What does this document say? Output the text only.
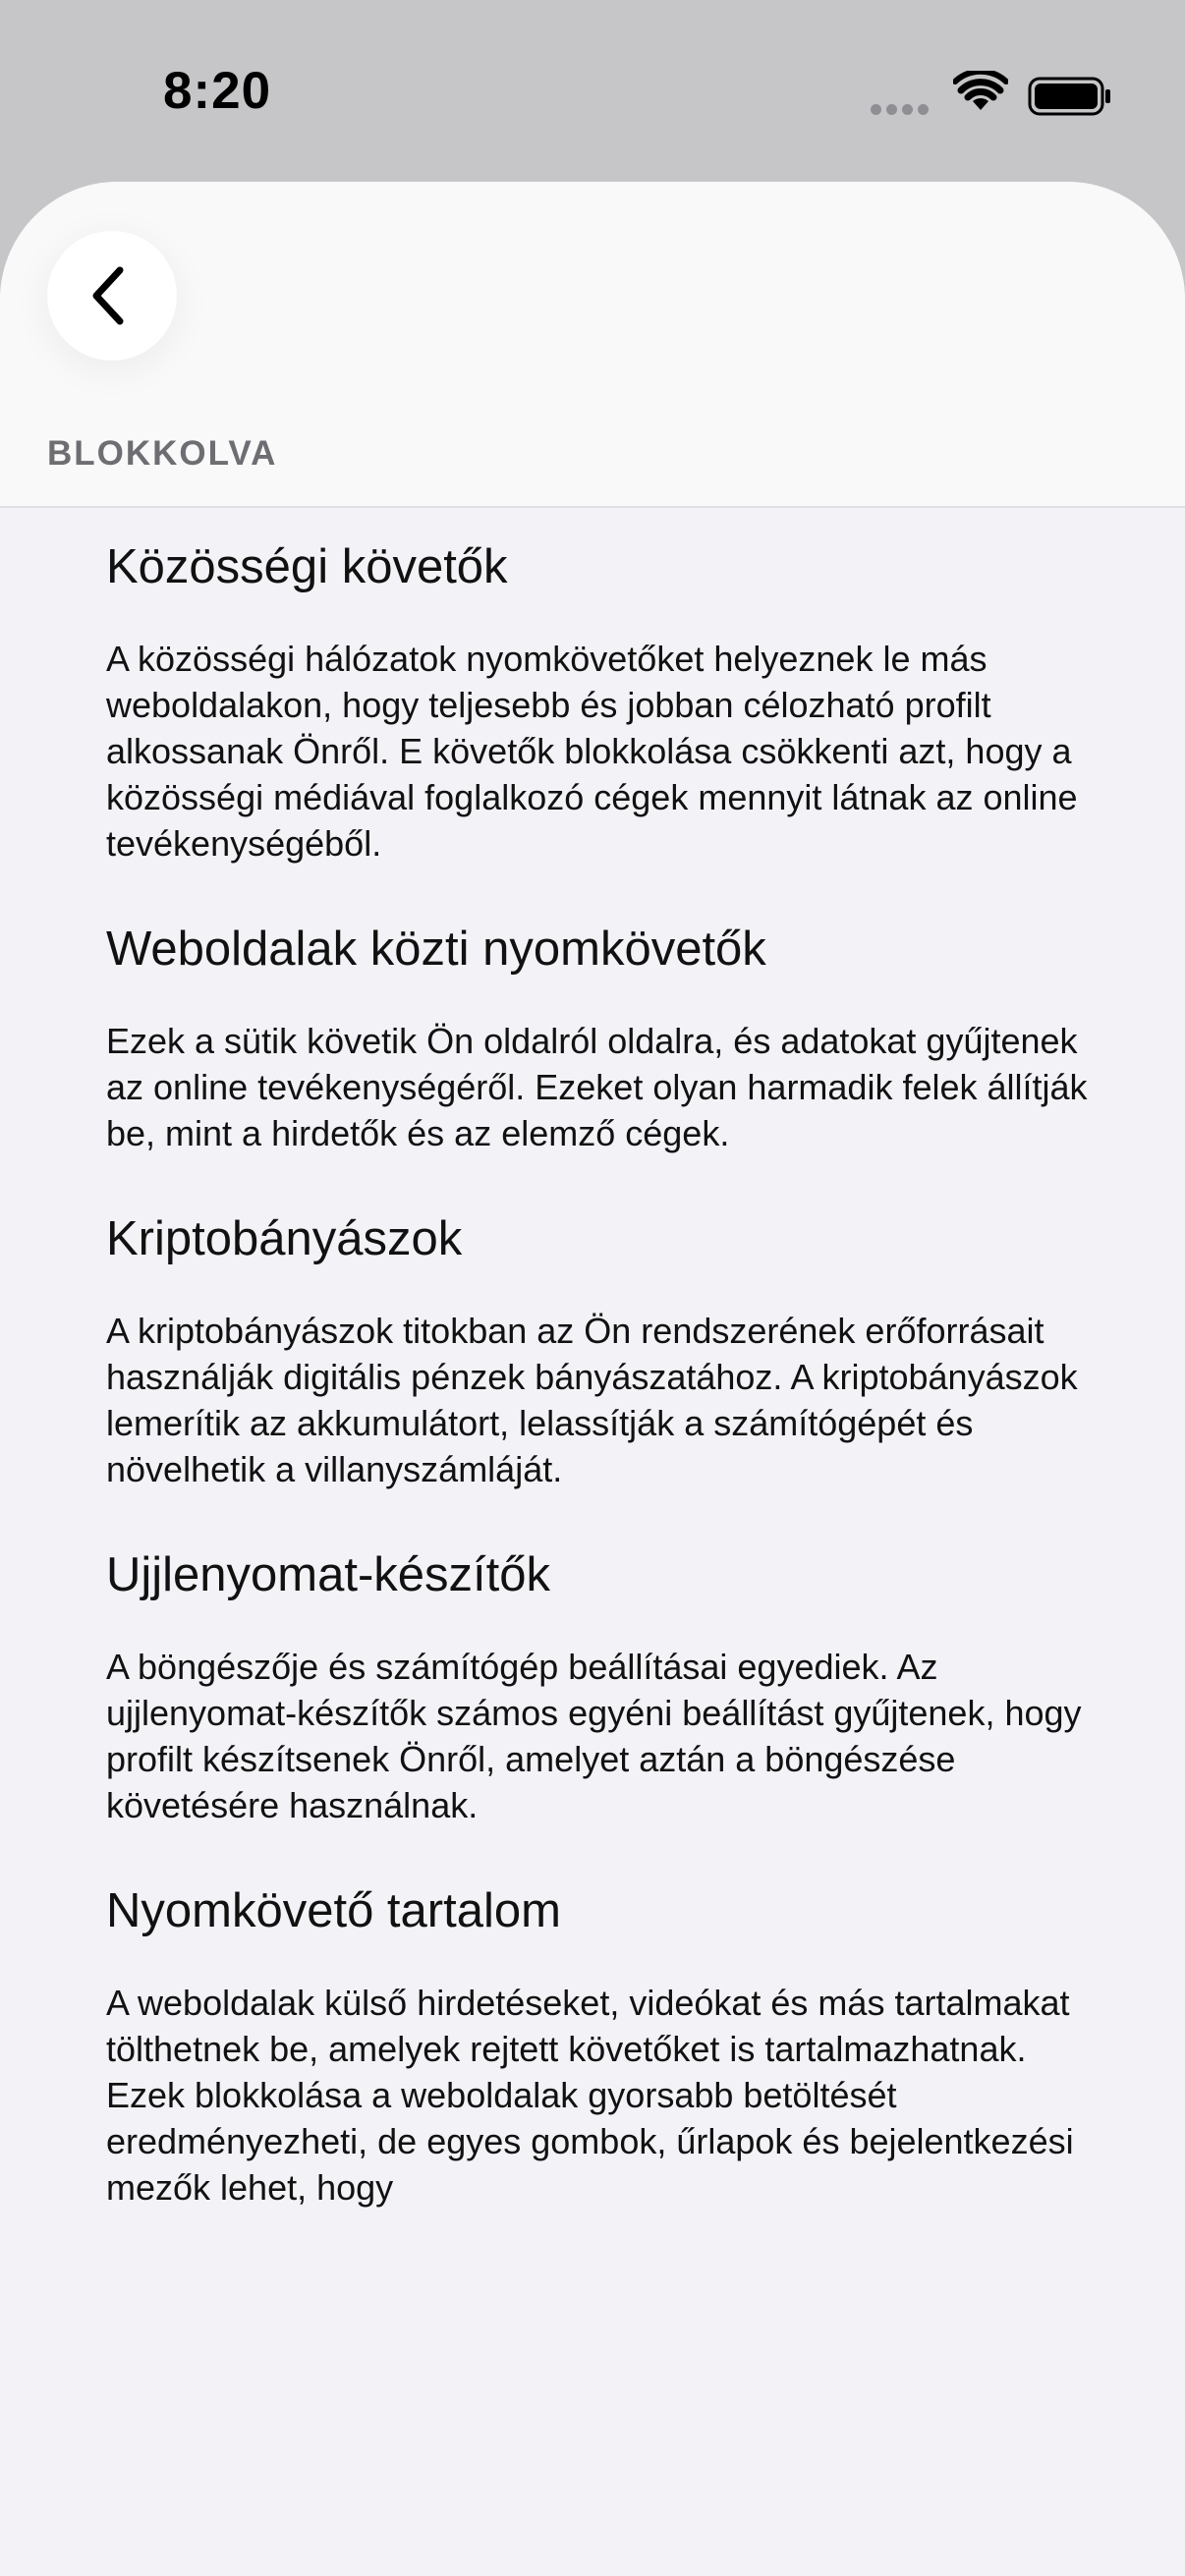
8:20
BLOKKOLVA
Közösségi követők

A közösségi hálózatok nyomkövetőket helyeznek le más weboldalakon, hogy teljesebb és jobban célozható profilt alkossanak Önről. E követők blokkolása csökkenti azt, hogy a közösségi médiával foglalkozó cégek mennyit látnak az online tevékenységéből.

Weboldalak közti nyomkövetők

Ezek a sütik követik Ön oldalról oldalra, és adatokat gyűjtenek az online tevékenységéről. Ezeket olyan harmadik felek állítják be, mint a hirdetők és az elemző cégek.

Kriptobányászok

A kriptobányászok titokban az Ön rendszerének erőforrásait használják digitális pénzek bányászatához. A kriptobányászok lemerítik az akkumulátort, lelassítják a számítógépét és növelhetik a villanyszámláját.

Ujjlenyomat-készítők

A böngészője és számítógép beállításai egyediek. Az ujjlenyomat-készítők számos egyéni beállítást gyűjtenek, hogy profilt készítsenek Önről, amelyet aztán a böngészése követésére használnak.

Nyomkövető tartalom

A weboldalak külső hirdetéseket, videókat és más tartalmakat tölthetnek be, amelyek rejtett követőket is tartalmazhatnak. Ezek blokkolása a weboldalak gyorsabb betöltését eredményezheti, de egyes gombok, űrlapok és bejelentkezési mezők lehet, hogy
